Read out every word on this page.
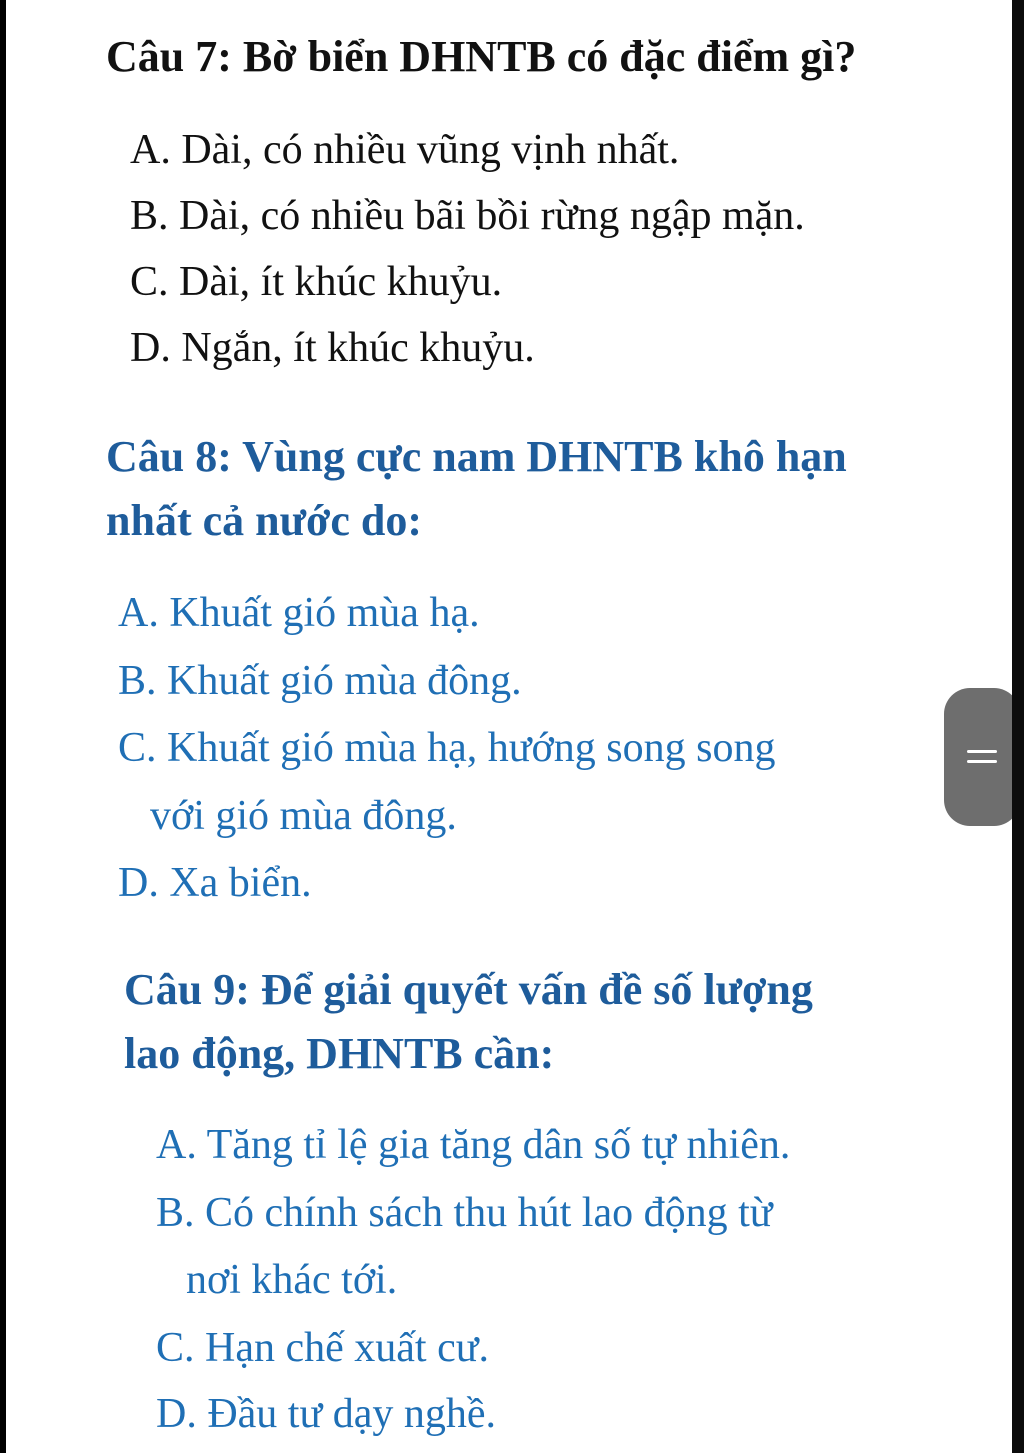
Câu 7: Bờ biển DHNTB có đặc điểm gì?

A. Dài, có nhiều vũng vịnh nhất.

B. Dài, có nhiều bãi bồi rừng ngập mặn.

C. Dài, ít khúc khuỷu.

D. Ngắn, ít khúc khuỷu.

Câu 8: Vùng cực nam DHNTB khô hạn
nhất cả nước do:

A. Khuất gió mùa hạ.

B. Khuất gió mùa đông.

C. Khuất gió mùa hạ, hướng song song

với gió mùa đông.

D. Xa biển.

Câu 9: Để giải quyết vấn đề số lượng
lao động, DHNTB cần:

A. Tăng tỉ lệ gia tăng dân số tự nhiên.

B. Có chính sách thu hút lao động từ

nơi khác tới.

C. Hạn chế xuất cư.

D. Đầu tư dạy nghề.
